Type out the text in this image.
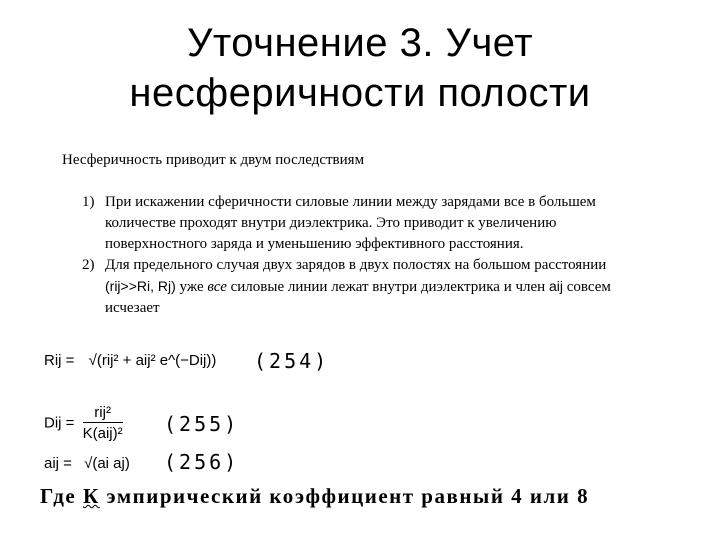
Уточнение 3. Учет
несферичности полости
Несферичность приводит к двум последствиям
1) При искажении сферичности силовые линии между зарядами все в большем количестве проходят внутри диэлектрика. Это приводит к увеличению поверхностного заряда и уменьшению эффективного расстояния.
2) Для предельного случая двух зарядов в двух полостях на большом расстоянии (rij>>Ri, Rj) уже все силовые линии лежат внутри диэлектрика и член aij совсем исчезает
Rij = √(rij² + aij² e^(−Dij)) (254)
Dij = $\frac{\text{rij²}}{\text{K(aij)²}} (255)$
aij = √(ai aj) (256)
Где К эмпирический коэффициент равный 4 или 8
